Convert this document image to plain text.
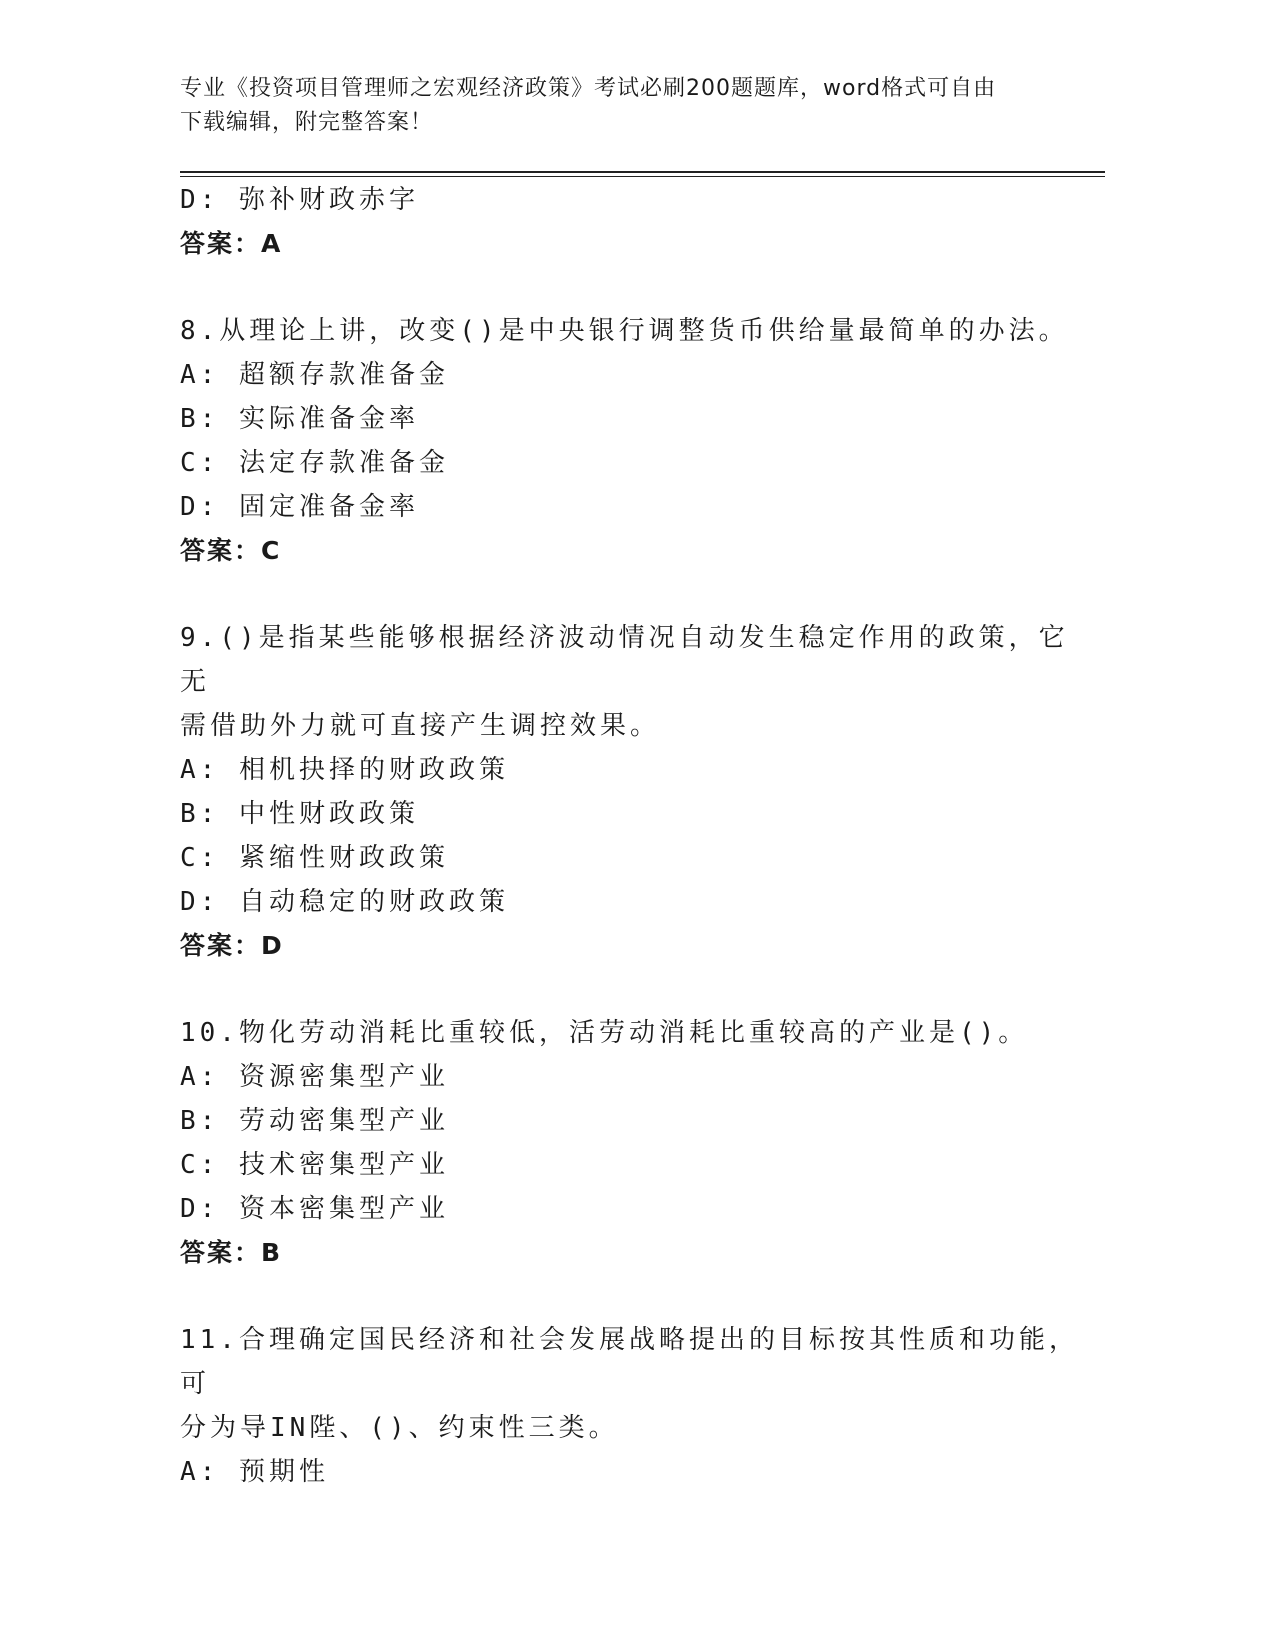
专业《投资项目管理师之宏观经济政策》考试必刷200题题库，word格式可自由
下载编辑，附完整答案！
D: 弥补财政赤字
答案：A
8.从理论上讲，改变()是中央银行调整货币供给量最简单的办法。
A: 超额存款准备金
B: 实际准备金率
C: 法定存款准备金
D: 固定准备金率
答案：C
9.()是指某些能够根据经济波动情况自动发生稳定作用的政策，它无
需借助外力就可直接产生调控效果。
A: 相机抉择的财政政策
B: 中性财政政策
C: 紧缩性财政政策
D: 自动稳定的财政政策
答案：D
10.物化劳动消耗比重较低，活劳动消耗比重较高的产业是()。
A: 资源密集型产业
B: 劳动密集型产业
C: 技术密集型产业
D: 资本密集型产业
答案：B
11.合理确定国民经济和社会发展战略提出的目标按其性质和功能，可
分为导IN陛、()、约束性三类。
A: 预期性
